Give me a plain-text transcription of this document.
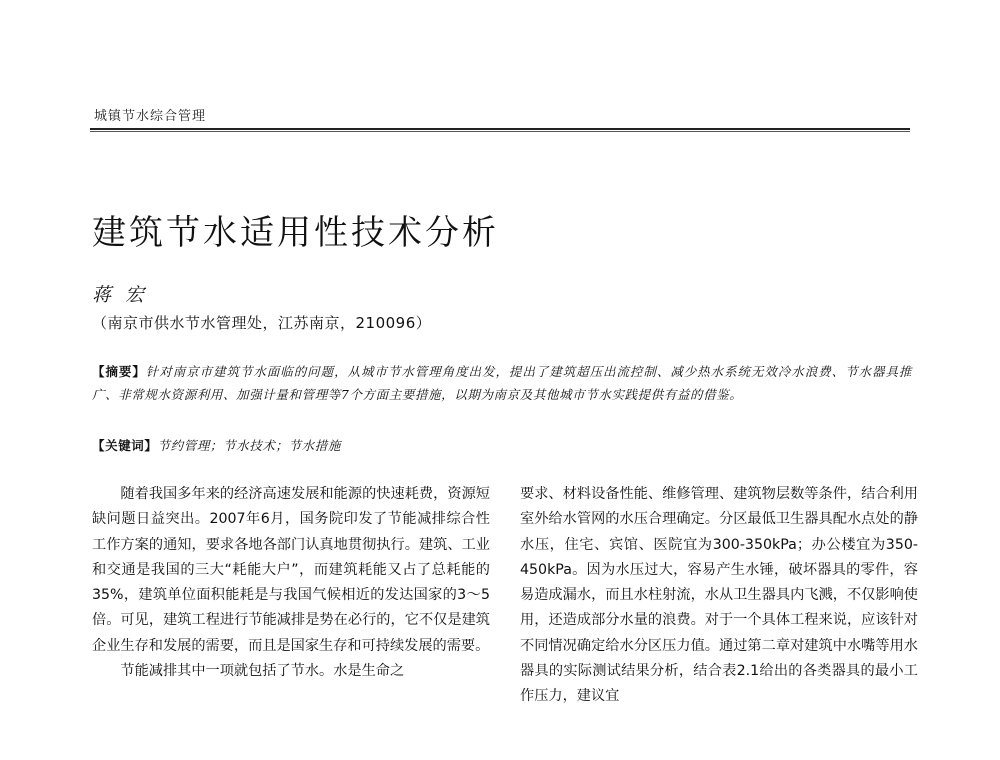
城镇节水综合管理
建筑节水适用性技术分析
蒋宏
（南京市供水节水管理处，江苏南京，210096）
【摘要】针对南京市建筑节水面临的问题，从城市节水管理角度出发，提出了建筑超压出流控制、减少热水系统无效冷水浪费、节水器具推广、非常规水资源利用、加强计量和管理等7个方面主要措施，以期为南京及其他城市节水实践提供有益的借鉴。
【关键词】节约管理；节水技术；节水措施

随着我国多年来的经济高速发展和能源的快速耗费，资源短缺问题日益突出。2007年6月，国务院印发了节能减排综合性工作方案的通知，要求各地各部门认真地贯彻执行。建筑、工业和交通是我国的三大“耗能大户”，而建筑耗能又占了总耗能的35%，建筑单位面积能耗是与我国气候相近的发达国家的3～5倍。可见，建筑工程进行节能减排是势在必行的，它不仅是建筑企业生存和发展的需要，而且是国家生存和可持续发展的需要。

节能减排其中一项就包括了节水。水是生命之

要求、材料设备性能、维修管理、建筑物层数等条件，结合利用室外给水管网的水压合理确定。分区最低卫生器具配水点处的静水压，住宅、宾馆、医院宜为300-350kPa；办公楼宜为350-450kPa。因为水压过大，容易产生水锤，破坏器具的零件，容易造成漏水，而且水柱射流，水从卫生器具内飞溅，不仅影响使用，还造成部分水量的浪费。对于一个具体工程来说，应该针对不同情况确定给水分区压力值。通过第二章对建筑中水嘴等用水器具的实际测试结果分析，结合表2.1给出的各类器具的最小工作压力，建议宜
